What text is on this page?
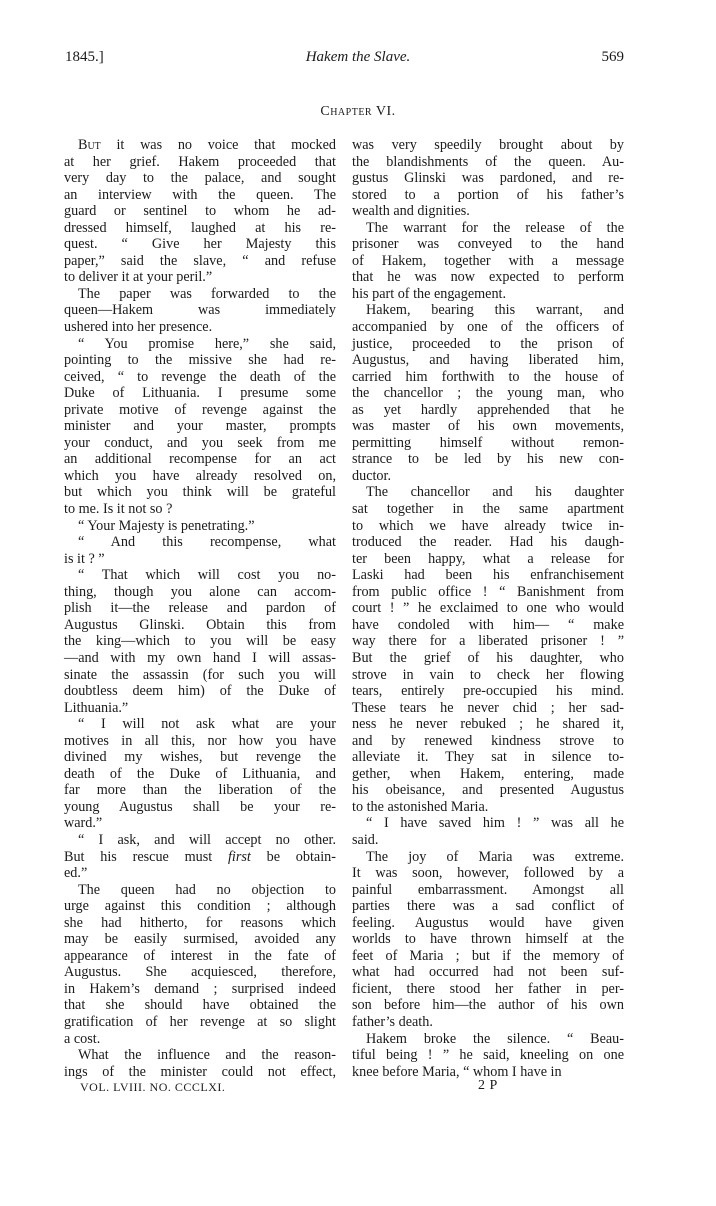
1845.]	Hakem the Slave.	569
Chapter VI.
But it was no voice that mocked
at her grief. Hakem proceeded that
very day to the palace, and sought
an interview with the queen. The
guard or sentinel to whom he ad-
dressed himself, laughed at his re-
quest. “ Give her Majesty this
paper,” said the slave, “ and refuse
to deliver it at your peril.”
The paper was forwarded to the
queen—Hakem was immediately
ushered into her presence.
“ You promise here,” she said,
pointing to the missive she had re-
ceived, “ to revenge the death of the
Duke of Lithuania. I presume some
private motive of revenge against the
minister and your master, prompts
your conduct, and you seek from me
an additional recompense for an act
which you have already resolved on,
but which you think will be grateful
to me. Is it not so ?
“ Your Majesty is penetrating.”
“ And this recompense, what
is it ? ”
“ That which will cost you no-
thing, though you alone can accom-
plish it—the release and pardon of
Augustus Glinski. Obtain this from
the king—which to you will be easy
—and with my own hand I will assas-
sinate the assassin (for such you will
doubtless deem him) of the Duke of
Lithuania.”
“ I will not ask what are your
motives in all this, nor how you have
divined my wishes, but revenge the
death of the Duke of Lithuania, and
far more than the liberation of the
young Augustus shall be your re-
ward.”
“ I ask, and will accept no other.
But his rescue must first be obtain-
ed.”
The queen had no objection to
urge against this condition ; although
she had hitherto, for reasons which
may be easily surmised, avoided any
appearance of interest in the fate of
Augustus. She acquiesced, therefore,
in Hakem’s demand ; surprised indeed
that she should have obtained the
gratification of her revenge at so slight
a cost.
What the influence and the reason-
ings of the minister could not effect,
was very speedily brought about by
the blandishments of the queen. Au-
gustus Glinski was pardoned, and re-
stored to a portion of his father’s
wealth and dignities.
The warrant for the release of the
prisoner was conveyed to the hand
of Hakem, together with a message
that he was now expected to perform
his part of the engagement.
Hakem, bearing this warrant, and
accompanied by one of the officers of
justice, proceeded to the prison of
Augustus, and having liberated him,
carried him forthwith to the house of
the chancellor ; the young man, who
as yet hardly apprehended that he
was master of his own movements,
permitting himself without remon-
strance to be led by his new con-
ductor.
The chancellor and his daughter
sat together in the same apartment
to which we have already twice in-
troduced the reader. Had his daugh-
ter been happy, what a release for
Laski had been his enfranchisement
from public office ! “ Banishment from
court ! ” he exclaimed to one who would
have condoled with him— “ make
way there for a liberated prisoner ! ”
But the grief of his daughter, who
strove in vain to check her flowing
tears, entirely pre-occupied his mind.
These tears he never chid ; her sad-
ness he never rebuked ; he shared it,
and by renewed kindness strove to
alleviate it. They sat in silence to-
gether, when Hakem, entering, made
his obeisance, and presented Augustus
to the astonished Maria.
“ I have saved him ! ” was all he
said.
The joy of Maria was extreme.
It was soon, however, followed by a
painful embarrassment. Amongst all
parties there was a sad conflict of
feeling. Augustus would have given
worlds to have thrown himself at the
feet of Maria ; but if the memory of
what had occurred had not been suf-
ficient, there stood her father in per-
son before him—the author of his own
father’s death.
Hakem broke the silence. “ Beau-
tiful being ! ” he said, kneeling on one
knee before Maria, “ whom I have in
VOL. LVIII. NO. CCCLXI.	2 P
